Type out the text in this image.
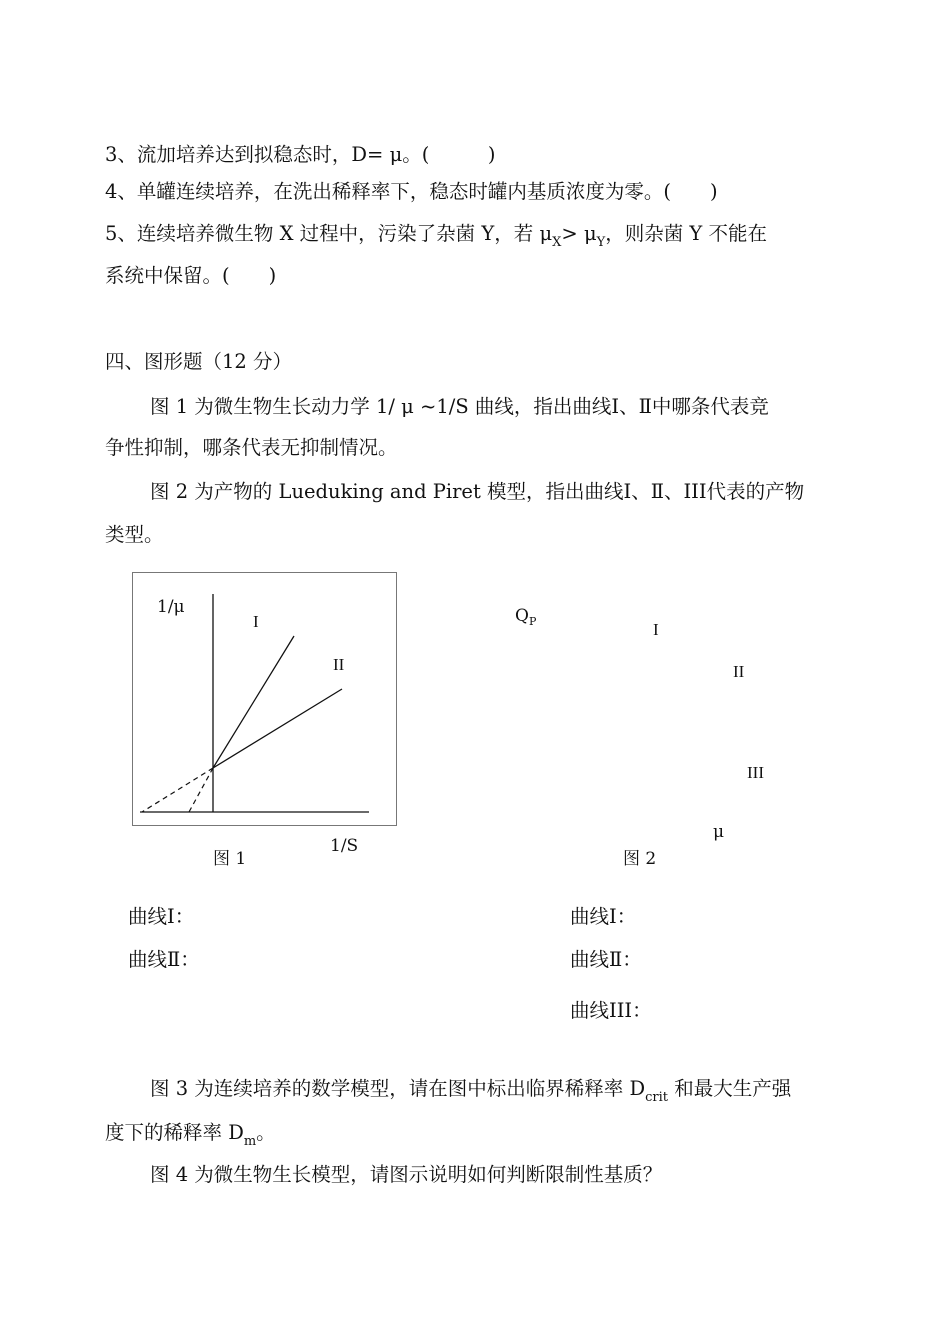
3、流加培养达到拟稳态时，D= μ。(　　　)
4、单罐连续培养，在洗出稀释率下，稳态时罐内基质浓度为零。(　　)
5、连续培养微生物 X 过程中，污染了杂菌 Y，若 $\mu_X> \mu_Y$，则杂菌 Y 不能在
系统中保留。(　　)
四、图形题（12 分）
图 1 为微生物生长动力学 1/ μ ~1/S 曲线，指出曲线Ⅰ、Ⅱ中哪条代表竞
争性抑制，哪条代表无抑制情况。
图 2 为产物的 Lueduking and Piret 模型，指出曲线Ⅰ、Ⅱ、III代表的产物
类型。
1/μ
I
II
1/S
图 1
$Q_P$	I
II
III
μ
图 2
曲线Ⅰ：
曲线Ⅱ：
曲线Ⅰ：
曲线Ⅱ：
曲线III：
图 3 为连续培养的数学模型，请在图中标出临界稀释率 $D_{crit}$ 和最大生产强
度下的稀释率 $D_m$。
图 4 为微生物生长模型，请图示说明如何判断限制性基质？
